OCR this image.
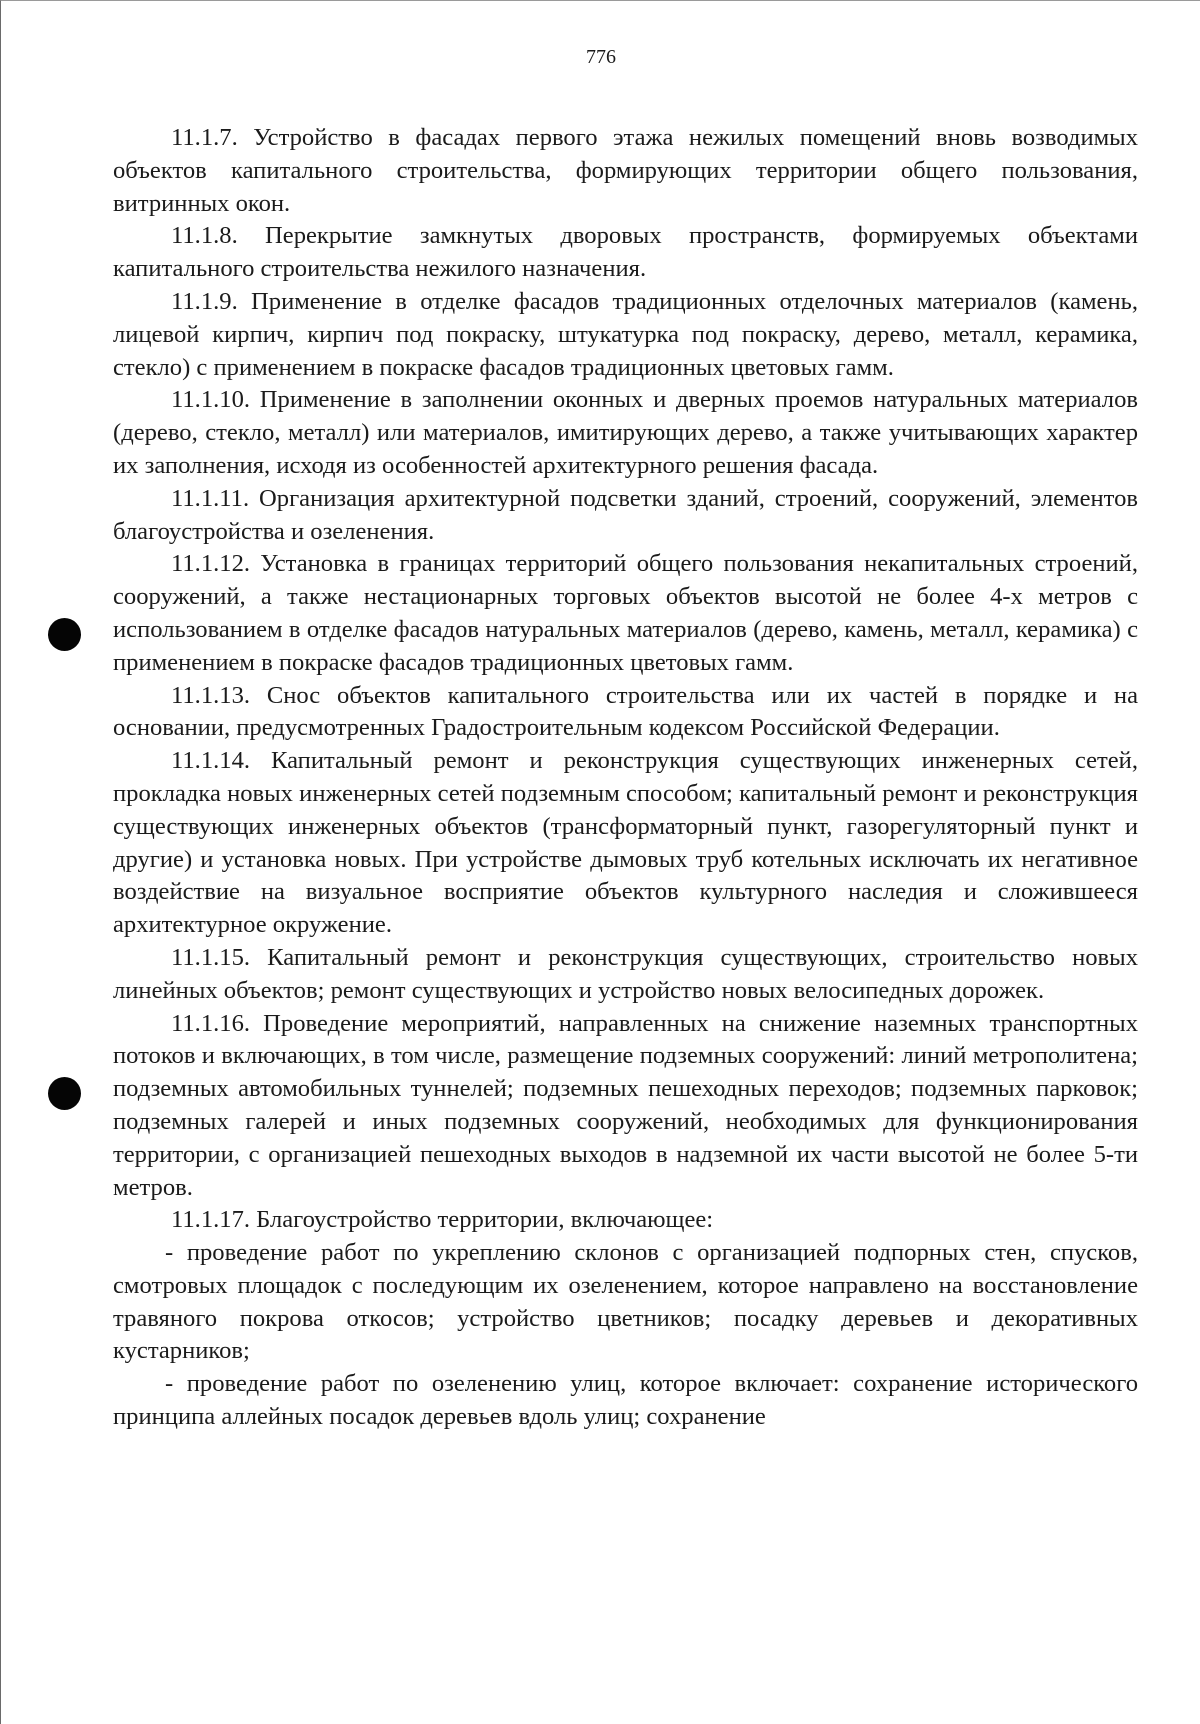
776

11.1.7. Устройство в фасадах первого этажа нежилых помещений вновь возводимых объектов капитального строительства, формирующих территории общего пользования, витринных окон.

11.1.8. Перекрытие замкнутых дворовых пространств, формируемых объектами капитального строительства нежилого назначения.

11.1.9. Применение в отделке фасадов традиционных отделочных материалов (камень, лицевой кирпич, кирпич под покраску, штукатурка под покраску, дерево, металл, керамика, стекло) с применением в покраске фасадов традиционных цветовых гамм.

11.1.10. Применение в заполнении оконных и дверных проемов натуральных материалов (дерево, стекло, металл) или материалов, имитирующих дерево, а также учитывающих характер их заполнения, исходя из особенностей архитектурного решения фасада.

11.1.11. Организация архитектурной подсветки зданий, строений, сооружений, элементов благоустройства и озеленения.

11.1.12. Установка в границах территорий общего пользования некапитальных строений, сооружений, а также нестационарных торговых объектов высотой не более 4-х метров с использованием в отделке фасадов натуральных материалов (дерево, камень, металл, керамика) с применением в покраске фасадов традиционных цветовых гамм.

11.1.13. Снос объектов капитального строительства или их частей в порядке и на основании, предусмотренных Градостроительным кодексом Российской Федерации.

11.1.14. Капитальный ремонт и реконструкция существующих инженерных сетей, прокладка новых инженерных сетей подземным способом; капитальный ремонт и реконструкция существующих инженерных объектов (трансформаторный пункт, газорегуляторный пункт и другие) и установка новых. При устройстве дымовых труб котельных исключать их негативное воздействие на визуальное восприятие объектов культурного наследия и сложившееся архитектурное окружение.

11.1.15. Капитальный ремонт и реконструкция существующих, строительство новых линейных объектов; ремонт существующих и устройство новых велосипедных дорожек.

11.1.16. Проведение мероприятий, направленных на снижение наземных транспортных потоков и включающих, в том числе, размещение подземных сооружений: линий метрополитена; подземных автомобильных туннелей; подземных пешеходных переходов; подземных парковок; подземных галерей и иных подземных сооружений, необходимых для функционирования территории, с организацией пешеходных выходов в надземной их части высотой не более 5-ти метров.

11.1.17. Благоустройство территории, включающее:

- проведение работ по укреплению склонов с организацией подпорных стен, спусков, смотровых площадок с последующим их озеленением, которое направлено на восстановление травяного покрова откосов; устройство цветников; посадку деревьев и декоративных кустарников;

- проведение работ по озеленению улиц, которое включает: сохранение исторического принципа аллейных посадок деревьев вдоль улиц; сохранение
